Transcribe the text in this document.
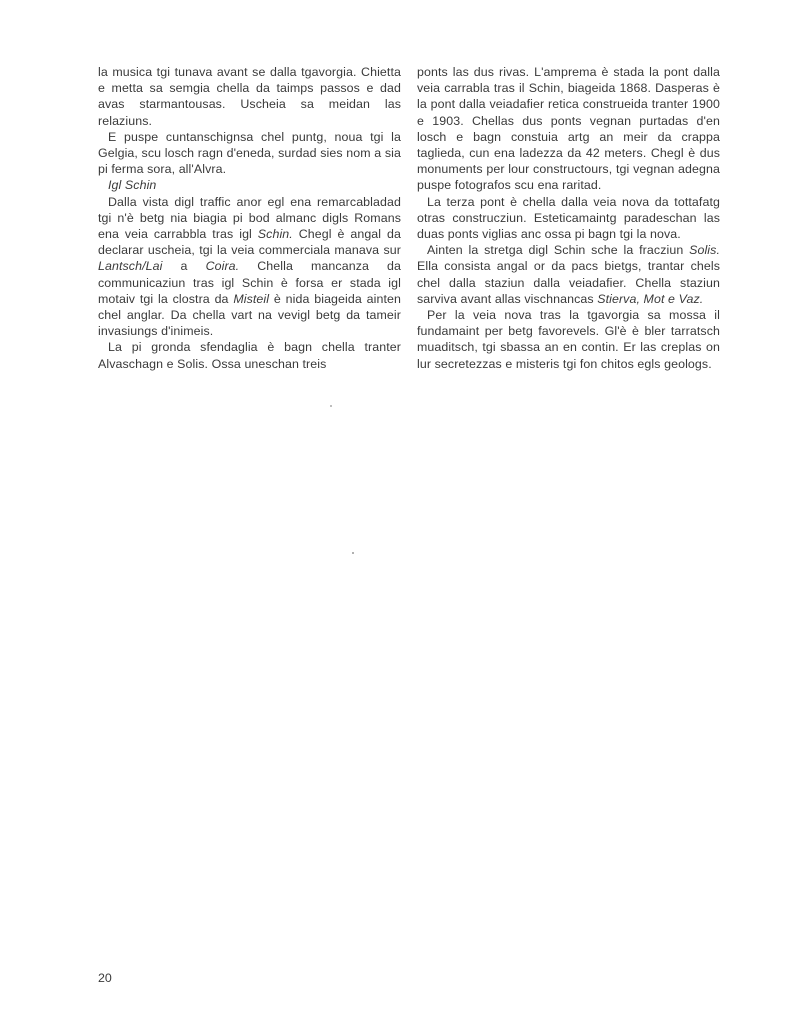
la musica tgi tunava avant se dalla tgavorgia. Chietta e metta sa semgia chella da taimps passos e dad avas starmantousas. Uscheia sa meidan las relaziuns.

E puspe cuntanschignsa chel puntg, noua tgi la Gelgia, scu losch ragn d'eneda, surdad sies nom a sia pi ferma sora, all'Alvra.

Igl Schin

Dalla vista digl traffic anor egl ena remarcabladad tgi n'è betg nia biagia pi bod almanc digls Romans ena veia carrabbla tras igl Schin. Chegl è angal da declarar uscheia, tgi la veia commerciala manava sur Lantsch/Lai a Coira. Chella mancanza da communicaziun tras igl Schin è forsa er stada igl motaiv tgi la clostra da Misteil è nida biageida ainten chel anglar. Da chella vart na vevigl betg da tameir invasiungs d'inimeis.

La pi gronda sfendaglia è bagn chella tranter Alvaschagn e Solis. Ossa uneschan treis

ponts las dus rivas. L'amprema è stada la pont dalla veia carrabla tras il Schin, biageida 1868. Dasperas è la pont dalla veiadafier retica construeida tranter 1900 e 1903. Chellas dus ponts vegnan purtadas d'en losch e bagn constuia artg an meir da crappa taglieda, cun ena ladezza da 42 meters. Chegl è dus monuments per lour constructours, tgi vegnan adegna puspe fotografos scu ena raritad.

La terza pont è chella dalla veia nova da tottafatg otras construcziun. Esteticamaintg paradeschan las duas ponts viglias anc ossa pi bagn tgi la nova.

Ainten la stretga digl Schin sche la fracziun Solis. Ella consista angal or da pacs bietgs, trantar chels chel dalla staziun dalla veiadafier. Chella staziun sarviva avant allas vischnancas Stierva, Mot e Vaz.

Per la veia nova tras la tgavorgia sa mossa il fundamaint per betg favorevels. Gl'è è bler tarratsch muaditsch, tgi sbassa an en contin. Er las creplas on lur secretezzas e misteris tgi fon chitos egls geologs.

20
